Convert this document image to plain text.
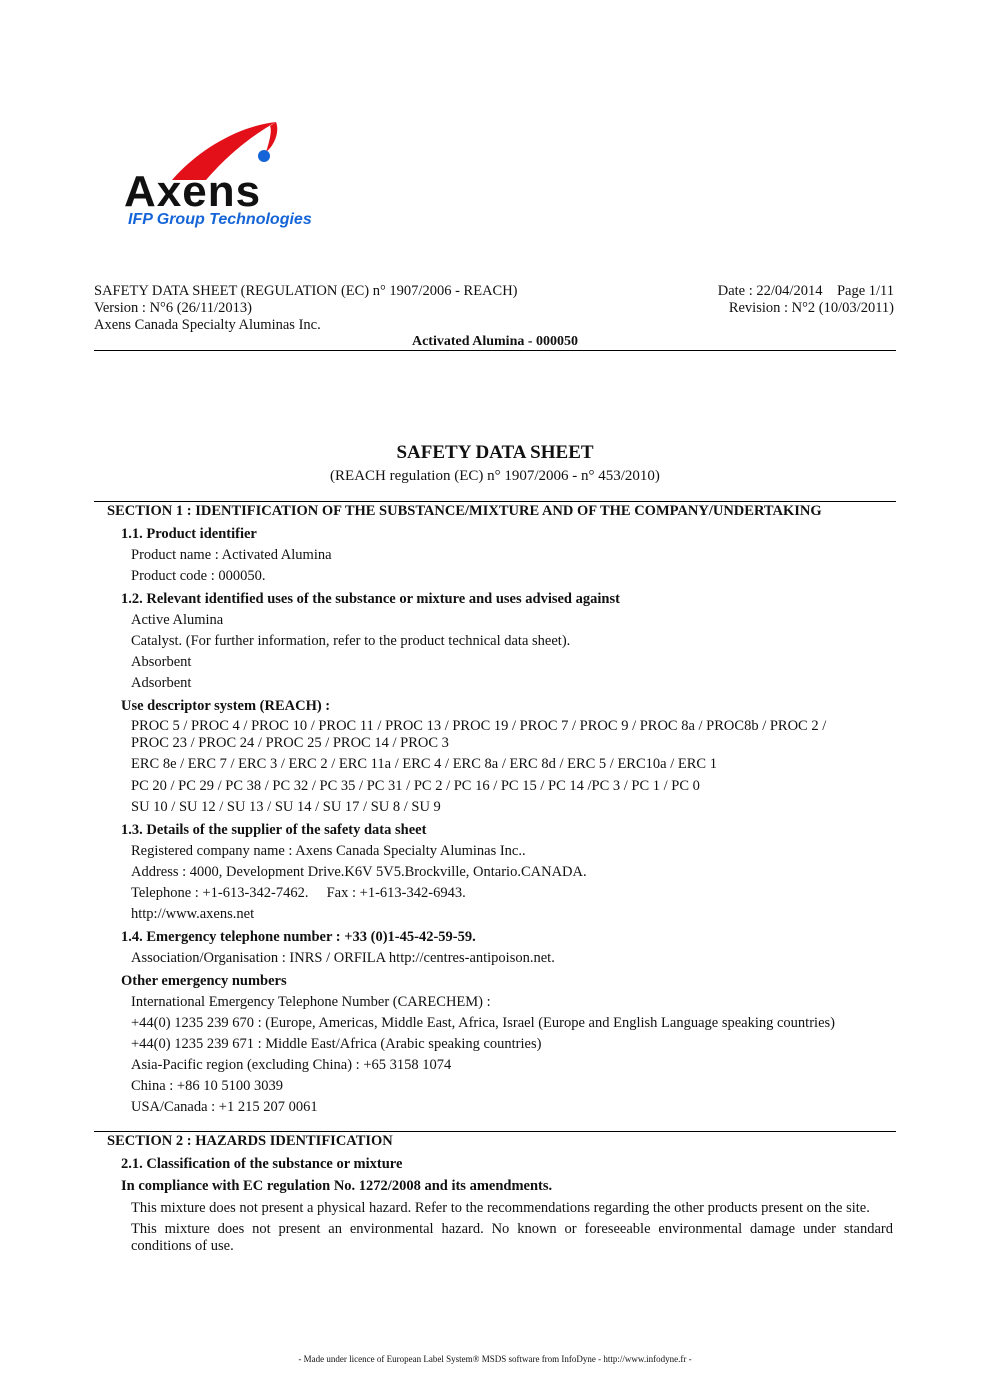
Axens
IFP Group Technologies
SAFETY DATA SHEET (REGULATION (EC) n° 1907/2006 - REACH)
Version : N°6 (26/11/2013)
Axens Canada Specialty Aluminas Inc.
Date : 22/04/2014    Page 1/11
Revision : N°2 (10/03/2011)
Activated Alumina - 000050
SAFETY DATA SHEET
(REACH regulation (EC) n° 1907/2006 - n° 453/2010)
SECTION 1 : IDENTIFICATION OF THE SUBSTANCE/MIXTURE AND OF THE COMPANY/UNDERTAKING
1.1. Product identifier
Product name : Activated Alumina
Product code : 000050.
1.2. Relevant identified uses of the substance or mixture and uses advised against
Active Alumina
Catalyst. (For further information, refer to the product technical data sheet).
Absorbent
Adsorbent
Use descriptor system (REACH) :
PROC 5 / PROC 4 / PROC 10 / PROC 11 / PROC 13 / PROC 19 / PROC 7 / PROC 9 / PROC 8a / PROC8b / PROC 2 /
PROC 23 / PROC 24 / PROC 25 / PROC 14 / PROC 3
ERC 8e / ERC 7 / ERC 3 / ERC 2 / ERC 11a / ERC 4 / ERC 8a / ERC 8d / ERC 5 / ERC10a / ERC 1
PC 20 / PC 29 / PC 38 / PC 32 / PC 35 / PC 31 / PC 2 / PC 16 / PC 15 / PC 14 /PC 3 / PC 1 / PC 0
SU 10 / SU 12 / SU 13 / SU 14 / SU 17 / SU 8 / SU 9
1.3. Details of the supplier of the safety data sheet
Registered company name : Axens Canada Specialty Aluminas Inc..
Address : 4000, Development Drive.K6V 5V5.Brockville, Ontario.CANADA.
Telephone : +1-613-342-7462.     Fax : +1-613-342-6943.
http://www.axens.net
1.4. Emergency telephone number : +33 (0)1-45-42-59-59.
Association/Organisation : INRS / ORFILA http://centres-antipoison.net.
Other emergency numbers
International Emergency Telephone Number (CARECHEM) :
+44(0) 1235 239 670 : (Europe, Americas, Middle East, Africa, Israel (Europe and English Language speaking countries)
+44(0) 1235 239 671 : Middle East/Africa (Arabic speaking countries)
Asia-Pacific region (excluding China) : +65 3158 1074
China : +86 10 5100 3039
USA/Canada : +1 215 207 0061
SECTION 2 : HAZARDS IDENTIFICATION
2.1. Classification of the substance or mixture
In compliance with EC regulation No. 1272/2008 and its amendments.
This mixture does not present a physical hazard. Refer to the recommendations regarding the other products present on the site.
This mixture does not present an environmental hazard. No known or foreseeable environmental damage under standard conditions of use.
- Made under licence of European Label System® MSDS software from InfoDyne - http://www.infodyne.fr -
